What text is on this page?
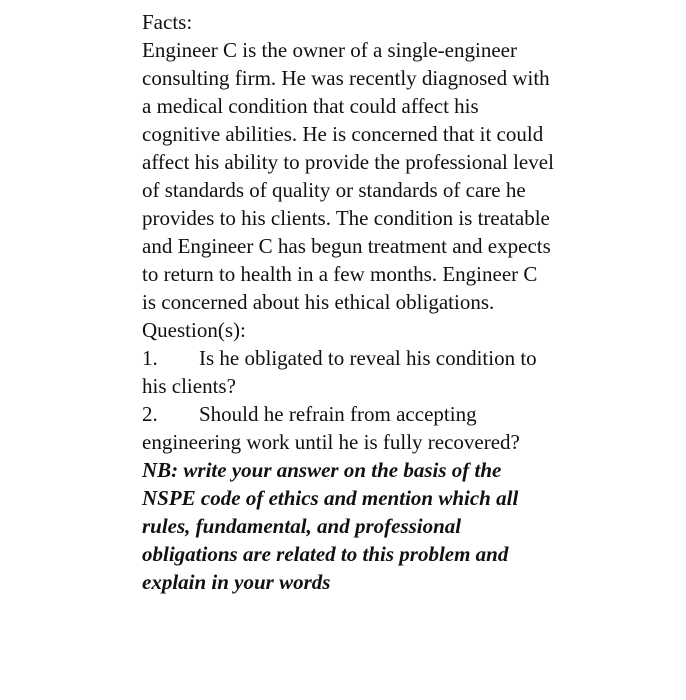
Facts:
Engineer C is the owner of a single-engineer
consulting firm. He was recently diagnosed with
a medical condition that could affect his
cognitive abilities. He is concerned that it could
affect his ability to provide the professional level
of standards of quality or standards of care he
provides to his clients. The condition is treatable
and Engineer C has begun treatment and expects
to return to health in a few months. Engineer C
is concerned about his ethical obligations.
Question(s):
1. Is he obligated to reveal his condition to
his clients?
2. Should he refrain from accepting
engineering work until he is fully recovered?
NB: write your answer on the basis of the
NSPE code of ethics and mention which all
rules, fundamental, and professional
obligations are related to this problem and
explain in your words
